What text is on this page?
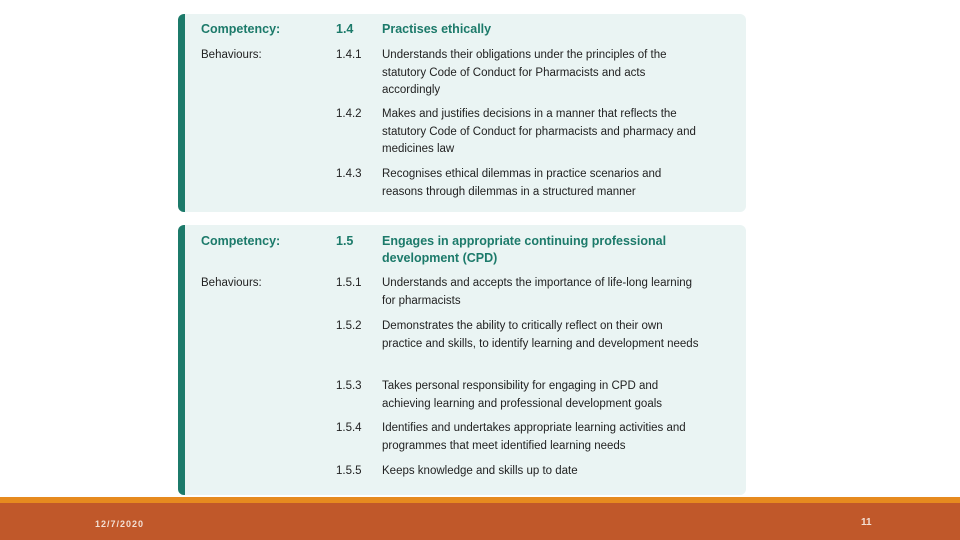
Competency:	1.4 Practises ethically
Behaviours:	1.4.1 Understands their obligations under the principles of the statutory Code of Conduct for Pharmacists and acts accordingly
1.4.2 Makes and justifies decisions in a manner that reflects the statutory Code of Conduct for pharmacists and pharmacy and medicines law
1.4.3 Recognises ethical dilemmas in practice scenarios and reasons through dilemmas in a structured manner
Competency:	1.5 Engages in appropriate continuing professional development (CPD)
Behaviours:	1.5.1 Understands and accepts the importance of life-long learning for pharmacists
1.5.2 Demonstrates the ability to critically reflect on their own practice and skills, to identify learning and development needs
1.5.3 Takes personal responsibility for engaging in CPD and achieving learning and professional development goals
1.5.4 Identifies and undertakes appropriate learning activities and programmes that meet identified learning needs
1.5.5 Keeps knowledge and skills up to date
12/7/2020	11
